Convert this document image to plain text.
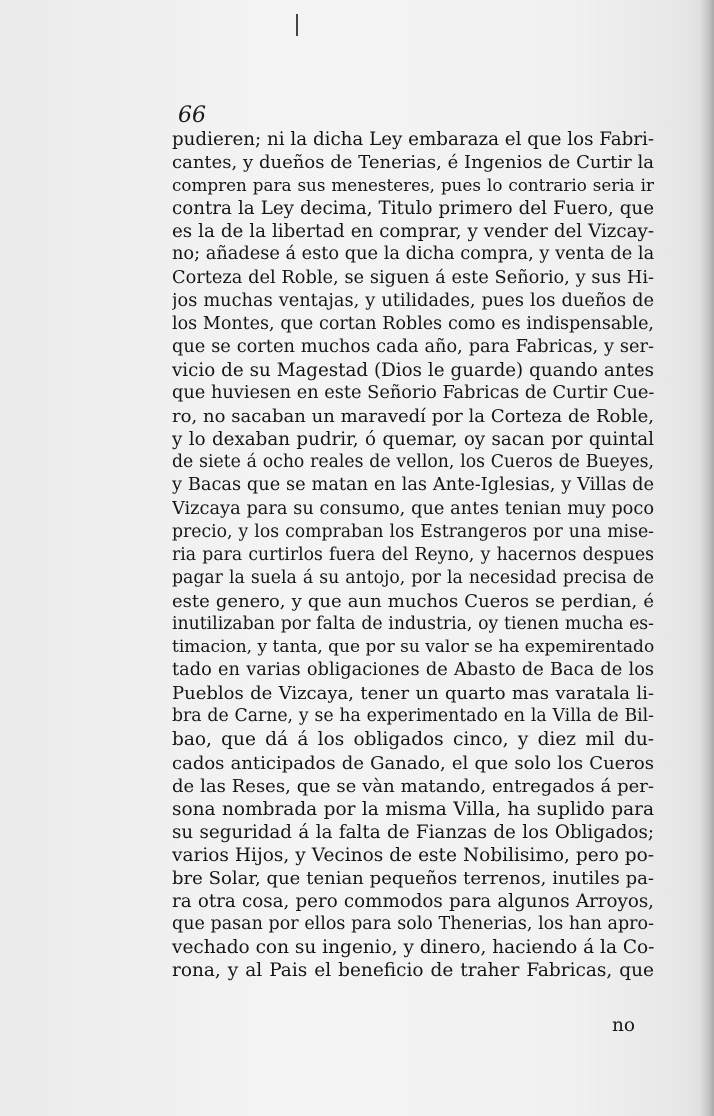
66
pudieren; ni la dicha Ley embaraza el que los Fabri-
cantes, y dueños de Tenerias, é Ingenios de Curtir la
compren para sus menesteres, pues lo contrario seria ir
contra la Ley decima, Titulo primero del Fuero, que
es la de la libertad en comprar, y vender del Vizcay-
no; añadese á esto que la dicha compra, y venta de la
Corteza del Roble, se siguen á este Señorio, y sus Hi-
jos muchas ventajas, y utilidades, pues los dueños de
los Montes, que cortan Robles como es indispensable,
que se corten muchos cada año, para Fabricas, y ser-
vicio de su Magestad (Dios le guarde) quando antes
que huviesen en este Señorio Fabricas de Curtir Cue-
ro, no sacaban un maravedí por la Corteza de Roble,
y lo dexaban pudrir, ó quemar, oy sacan por quintal
de siete á ocho reales de vellon, los Cueros de Bueyes,
y Bacas que se matan en las Ante-Iglesias, y Villas de
Vizcaya para su consumo, que antes tenian muy poco
precio, y los compraban los Estrangeros por una mise-
ria para curtirlos fuera del Reyno, y hacernos despues
pagar la suela á su antojo, por la necesidad precisa de
este genero, y que aun muchos Cueros se perdian, é
inutilizaban por falta de industria, oy tienen mucha es-
timacion, y tanta, que por su valor se ha expemirentado
tado en varias obligaciones de Abasto de Baca de los
Pueblos de Vizcaya, tener un quarto mas varatala li-
bra de Carne, y se ha experimentado en la Villa de Bil-
bao, que dá á los obligados cinco, y diez mil du-
cados anticipados de Ganado, el que solo los Cueros
de las Reses, que se vàn matando, entregados á per-
sona nombrada por la misma Villa, ha suplido para
su seguridad á la falta de Fianzas de los Obligados;
varios Hijos, y Vecinos de este Nobilisimo, pero po-
bre Solar, que tenian pequeños terrenos, inutiles pa-
ra otra cosa, pero commodos para algunos Arroyos,
que pasan por ellos para solo Thenerias, los han apro-
vechado con su ingenio, y dinero, haciendo á la Co-
rona, y al Pais el beneficio de traher Fabricas, que
no
